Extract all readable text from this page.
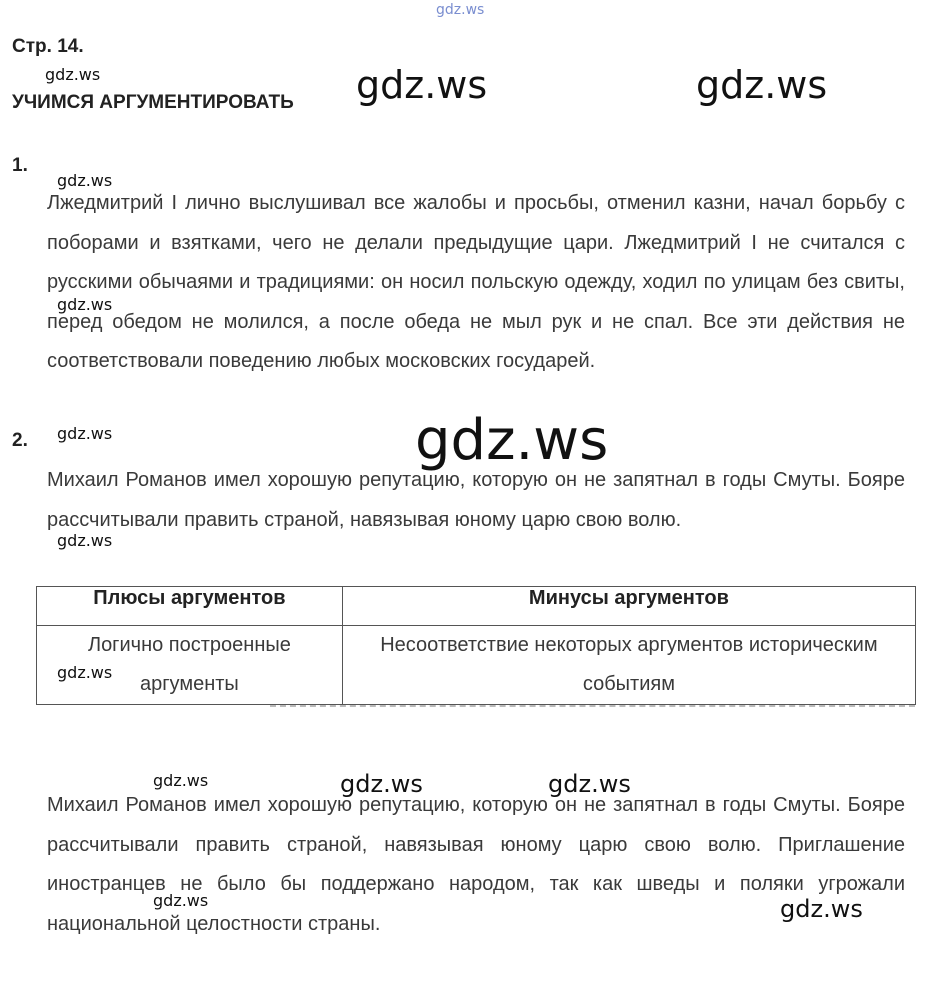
gdz.ws
Стр. 14.
gdz.ws
УЧИМСЯ АРГУМЕНТИРОВАТЬ gdz.ws	gdz.ws
1.
gdz.ws
Лжедмитрий I лично выслушивал все жалобы и просьбы, отменил казни, начал борьбу с поборами и взятками, чего не делали предыдущие цари. Лжедмитрий I не считался с русскими обычаями и традициями: он носил польскую одежду, ходил по улицам без свиты, перед обедом не молился, а после обеда не мыл рук и не спал. Все эти действия не соответствовали поведению любых московских государей.
gdz.ws
2. gdz.ws	gdz.ws
Михаил Романов имел хорошую репутацию, которую он не запятнал в годы Смуты. Бояре рассчитывали править страной, навязывая юному царю свою волю.
gdz.ws
Плюсы аргументов	Минусы аргументов
Логично построенные аргументы	Несоответствие некоторых аргументов историческим событиям
gdz.ws
gdz.ws	gdz.ws	gdz.ws
Михаил Романов имел хорошую репутацию, которую он не запятнал в годы Смуты. Бояре рассчитывали править страной, навязывая юному царю свою волю. Приглашение иностранцев не было бы поддержано народом, так как шведы и поляки угрожали национальной целостности страны.
gdz.ws	gdz.ws
